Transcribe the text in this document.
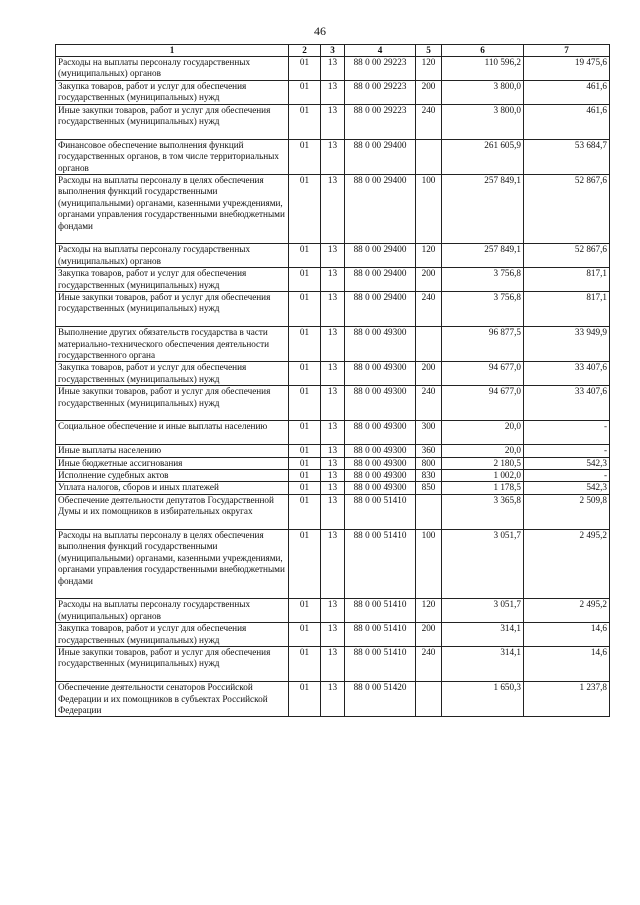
46
1	2	3	4	5	6	7
Расходы на выплаты персоналу государственных (муниципальных) органов	01	13	88 0 00 29223	120	110 596,2	19 475,6
Закупка товаров, работ и услуг для обеспечения государственных (муниципальных) нужд	01	13	88 0 00 29223	200	3 800,0	461,6
Иные закупки товаров, работ и услуг для обеспечения государственных (муниципальных) нужд	01	13	88 0 00 29223	240	3 800,0	461,6
Финансовое обеспечение выполнения функций государственных органов, в том числе территориальных органов	01	13	88 0 00 29400		261 605,9	53 684,7
Расходы на выплаты персоналу в целях обеспечения выполнения функций государственными (муниципальными) органами, казенными учреждениями, органами управления государственными внебюджетными фондами	01	13	88 0 00 29400	100	257 849,1	52 867,6
Расходы на выплаты персоналу государственных (муниципальных) органов	01	13	88 0 00 29400	120	257 849,1	52 867,6
Закупка товаров, работ и услуг для обеспечения государственных (муниципальных) нужд	01	13	88 0 00 29400	200	3 756,8	817,1
Иные закупки товаров, работ и услуг для обеспечения государственных (муниципальных) нужд	01	13	88 0 00 29400	240	3 756,8	817,1
Выполнение других обязательств государства в части материально-технического обеспечения деятельности государственного органа	01	13	88 0 00 49300		96 877,5	33 949,9
Закупка товаров, работ и услуг для обеспечения государственных (муниципальных) нужд	01	13	88 0 00 49300	200	94 677,0	33 407,6
Иные закупки товаров, работ и услуг для обеспечения государственных (муниципальных) нужд	01	13	88 0 00 49300	240	94 677,0	33 407,6
Социальное обеспечение и иные выплаты населению	01	13	88 0 00 49300	300	20,0	-
Иные выплаты населению	01	13	88 0 00 49300	360	20,0	-
Иные бюджетные ассигнования	01	13	88 0 00 49300	800	2 180,5	542,3
Исполнение судебных актов	01	13	88 0 00 49300	830	1 002,0	-
Уплата налогов, сборов и иных платежей	01	13	88 0 00 49300	850	1 178,5	542,3
Обеспечение деятельности депутатов Государственной Думы и их помощников в избирательных округах	01	13	88 0 00 51410		3 365,8	2 509,8
Расходы на выплаты персоналу в целях обеспечения выполнения функций государственными (муниципальными) органами, казенными учреждениями, органами управления государственными внебюджетными фондами	01	13	88 0 00 51410	100	3 051,7	2 495,2
Расходы на выплаты персоналу государственных (муниципальных) органов	01	13	88 0 00 51410	120	3 051,7	2 495,2
Закупка товаров, работ и услуг для обеспечения государственных (муниципальных) нужд	01	13	88 0 00 51410	200	314,1	14,6
Иные закупки товаров, работ и услуг для обеспечения государственных (муниципальных) нужд	01	13	88 0 00 51410	240	314,1	14,6
Обеспечение деятельности сенаторов Российской Федерации и их помощников в субъектах Российской Федерации	01	13	88 0 00 51420		1 650,3	1 237,8
